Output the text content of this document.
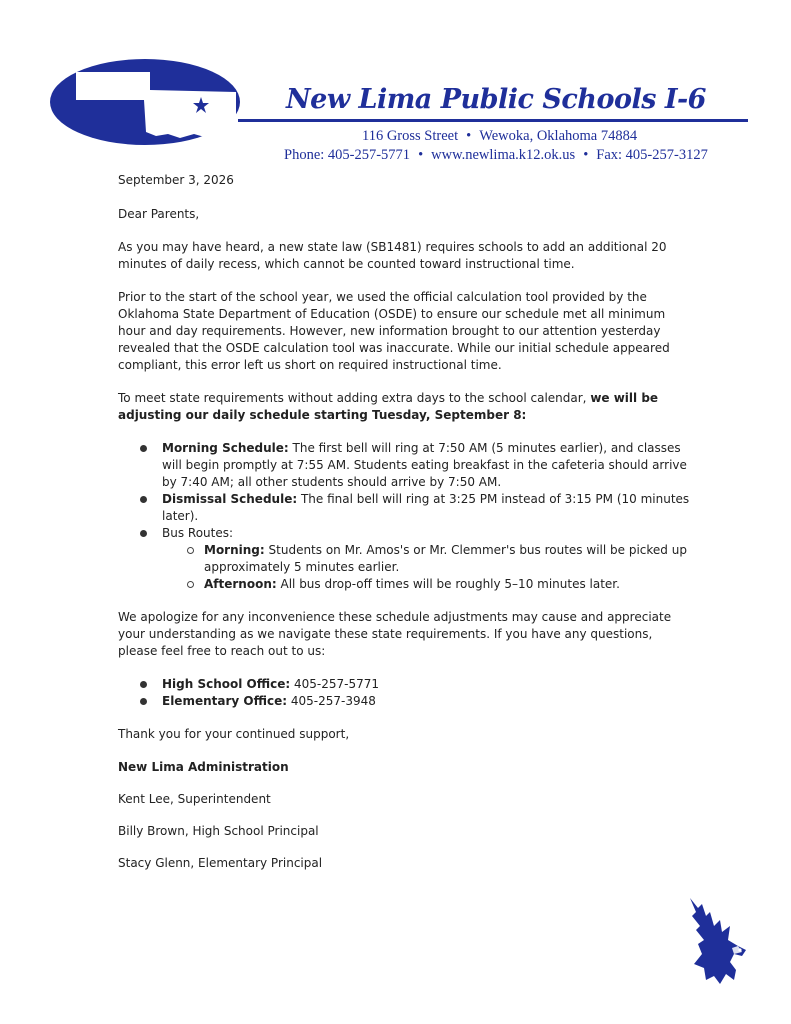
New Lima Public Schools I-6
116 Gross Street • Wewoka, Oklahoma 74884
Phone: 405-257-5771 • www.newlima.k12.ok.us • Fax: 405-257-3127

September 3, 2026

Dear Parents,

As you may have heard, a new state law (SB1481) requires schools to add an additional 20 minutes of daily recess, which cannot be counted toward instructional time.

Prior to the start of the school year, we used the official calculation tool provided by the Oklahoma State Department of Education (OSDE) to ensure our schedule met all minimum hour and day requirements. However, new information brought to our attention yesterday revealed that the OSDE calculation tool was inaccurate. While our initial schedule appeared compliant, this error left us short on required instructional time.

To meet state requirements without adding extra days to the school calendar, we will be adjusting our daily schedule starting Tuesday, September 8:

Morning Schedule: The first bell will ring at 7:50 AM (5 minutes earlier), and classes will begin promptly at 7:55 AM. Students eating breakfast in the cafeteria should arrive by 7:40 AM; all other students should arrive by 7:50 AM.
Dismissal Schedule: The final bell will ring at 3:25 PM instead of 3:15 PM (10 minutes later).
Bus Routes:
Morning: Students on Mr. Amos's or Mr. Clemmer's bus routes will be picked up approximately 5 minutes earlier.
Afternoon: All bus drop-off times will be roughly 5–10 minutes later.

We apologize for any inconvenience these schedule adjustments may cause and appreciate your understanding as we navigate these state requirements. If you have any questions, please feel free to reach out to us:

High School Office: 405-257-5771
Elementary Office: 405-257-3948

Thank you for your continued support,

New Lima Administration

Kent Lee, Superintendent

Billy Brown, High School Principal

Stacy Glenn, Elementary Principal
